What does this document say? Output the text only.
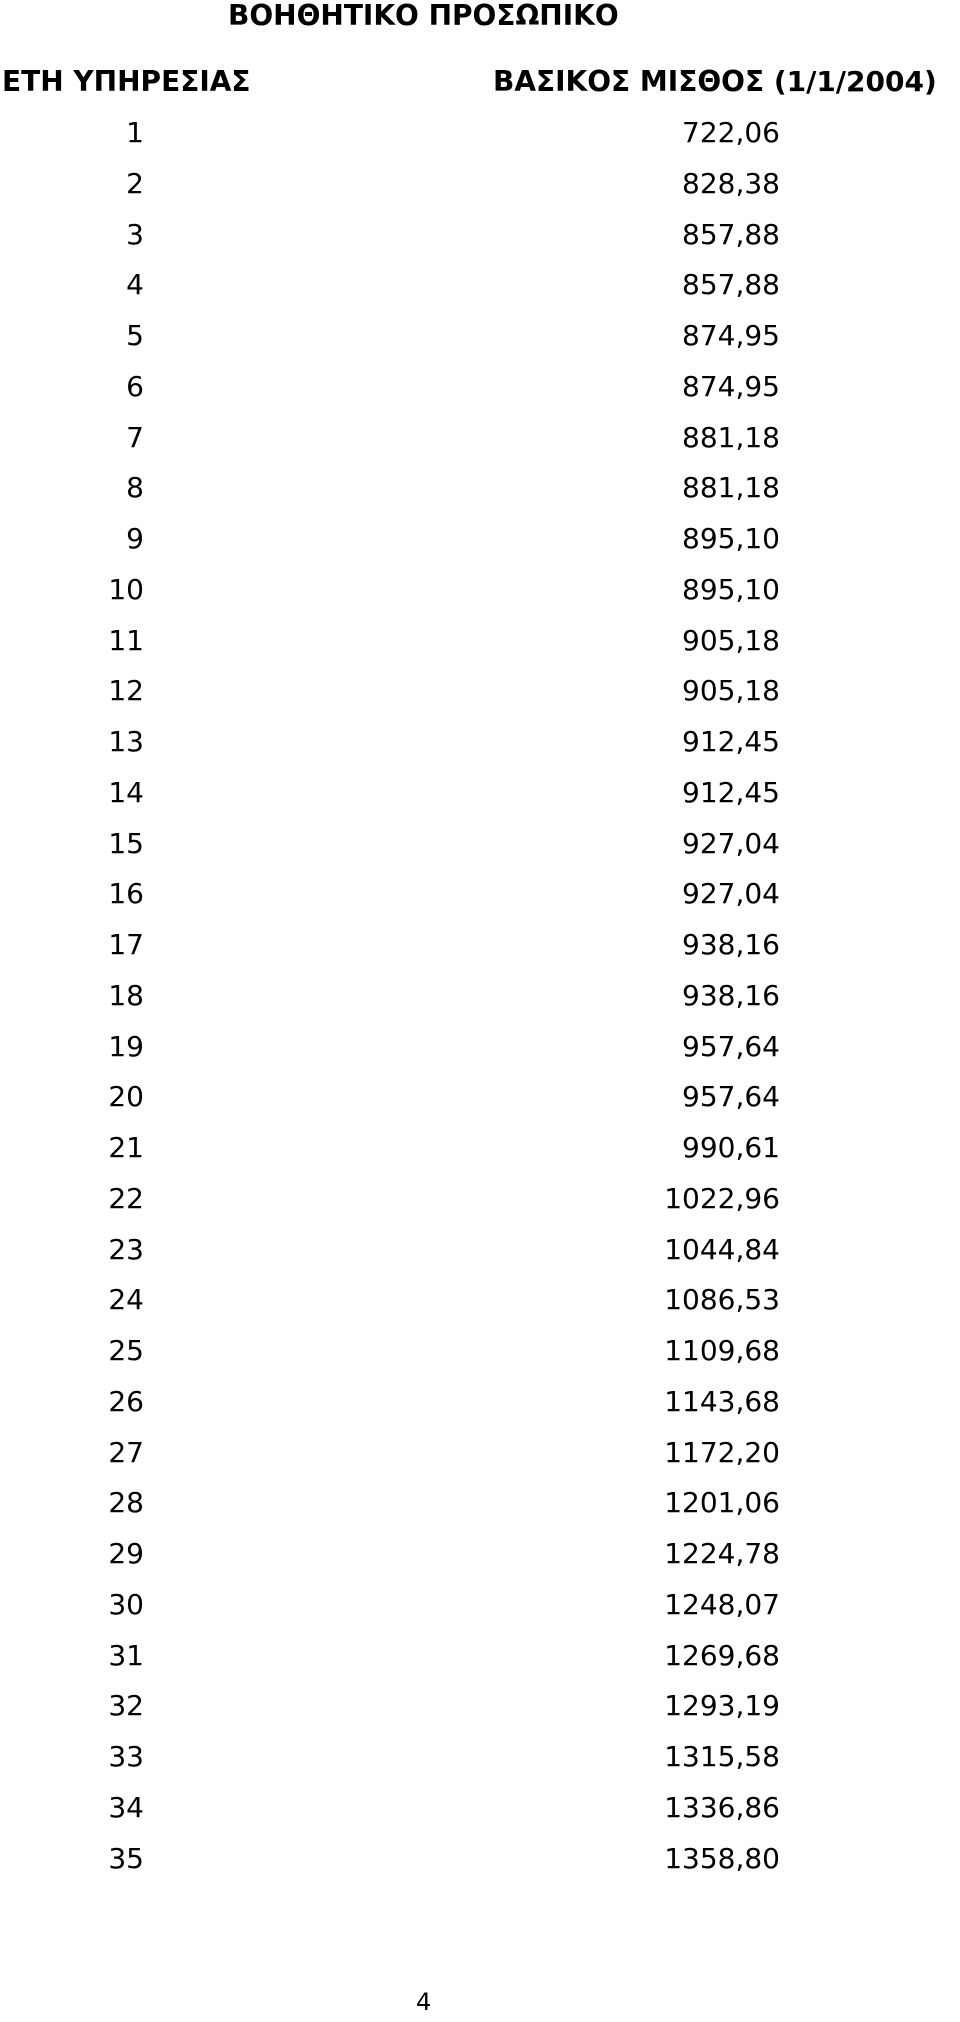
ΒΟΗΘΗΤΙΚΟ ΠΡΟΣΩΠΙΚΟ
ΕΤΗ ΥΠΗΡΕΣΙΑΣ	ΒΑΣΙΚΟΣ ΜΙΣΘΟΣ (1/1/2004)
1	722,06
2	828,38
3	857,88
4	857,88
5	874,95
6	874,95
7	881,18
8	881,18
9	895,10
10	895,10
11	905,18
12	905,18
13	912,45
14	912,45
15	927,04
16	927,04
17	938,16
18	938,16
19	957,64
20	957,64
21	990,61
22	1022,96
23	1044,84
24	1086,53
25	1109,68
26	1143,68
27	1172,20
28	1201,06
29	1224,78
30	1248,07
31	1269,68
32	1293,19
33	1315,58
34	1336,86
35	1358,80
4
